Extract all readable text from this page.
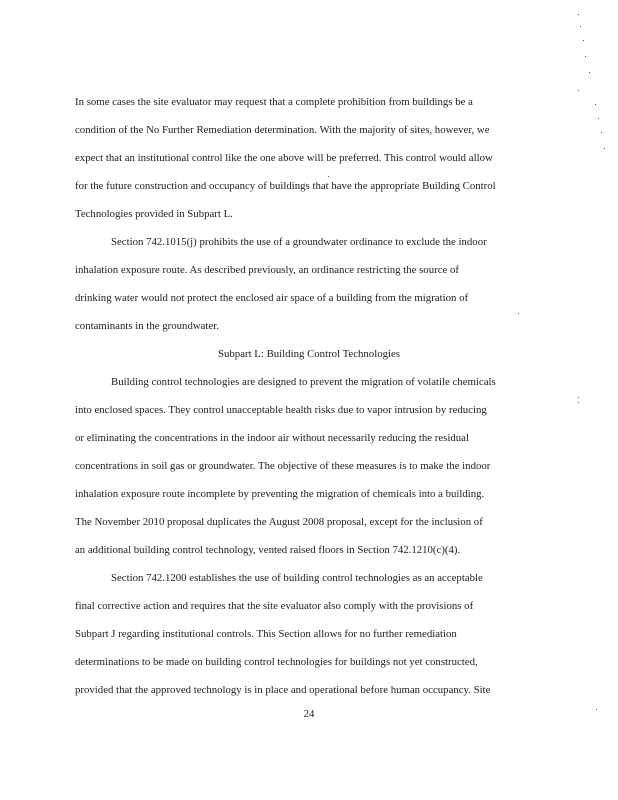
In some cases the site evaluator may request that a complete prohibition from buildings be a
condition of the No Further Remediation determination. With the majority of sites, however, we
expect that an institutional control like the one above will be preferred. This control would allow
for the future construction and occupancy of buildings that have the appropriate Building Control
Technologies provided in Subpart L.
Section 742.1015(j) prohibits the use of a groundwater ordinance to exclude the indoor
inhalation exposure route. As described previously, an ordinance restricting the source of
drinking water would not protect the enclosed air space of a building from the migration of
contaminants in the groundwater.
Subpart L: Building Control Technologies
Building control technologies are designed to prevent the migration of volatile chemicals
into enclosed spaces. They control unacceptable health risks due to vapor intrusion by reducing
or eliminating the concentrations in the indoor air without necessarily reducing the residual
concentrations in soil gas or groundwater. The objective of these measures is to make the indoor
inhalation exposure route incomplete by preventing the migration of chemicals into a building.
The November 2010 proposal duplicates the August 2008 proposal, except for the inclusion of
an additional building control technology, vented raised floors in Section 742.1210(c)(4).
Section 742.1200 establishes the use of building control technologies as an acceptable
final corrective action and requires that the site evaluator also comply with the provisions of
Subpart J regarding institutional controls. This Section allows for no further remediation
determinations to be made on building control technologies for buildings not yet constructed,
provided that the approved technology is in place and operational before human occupancy. Site
24
